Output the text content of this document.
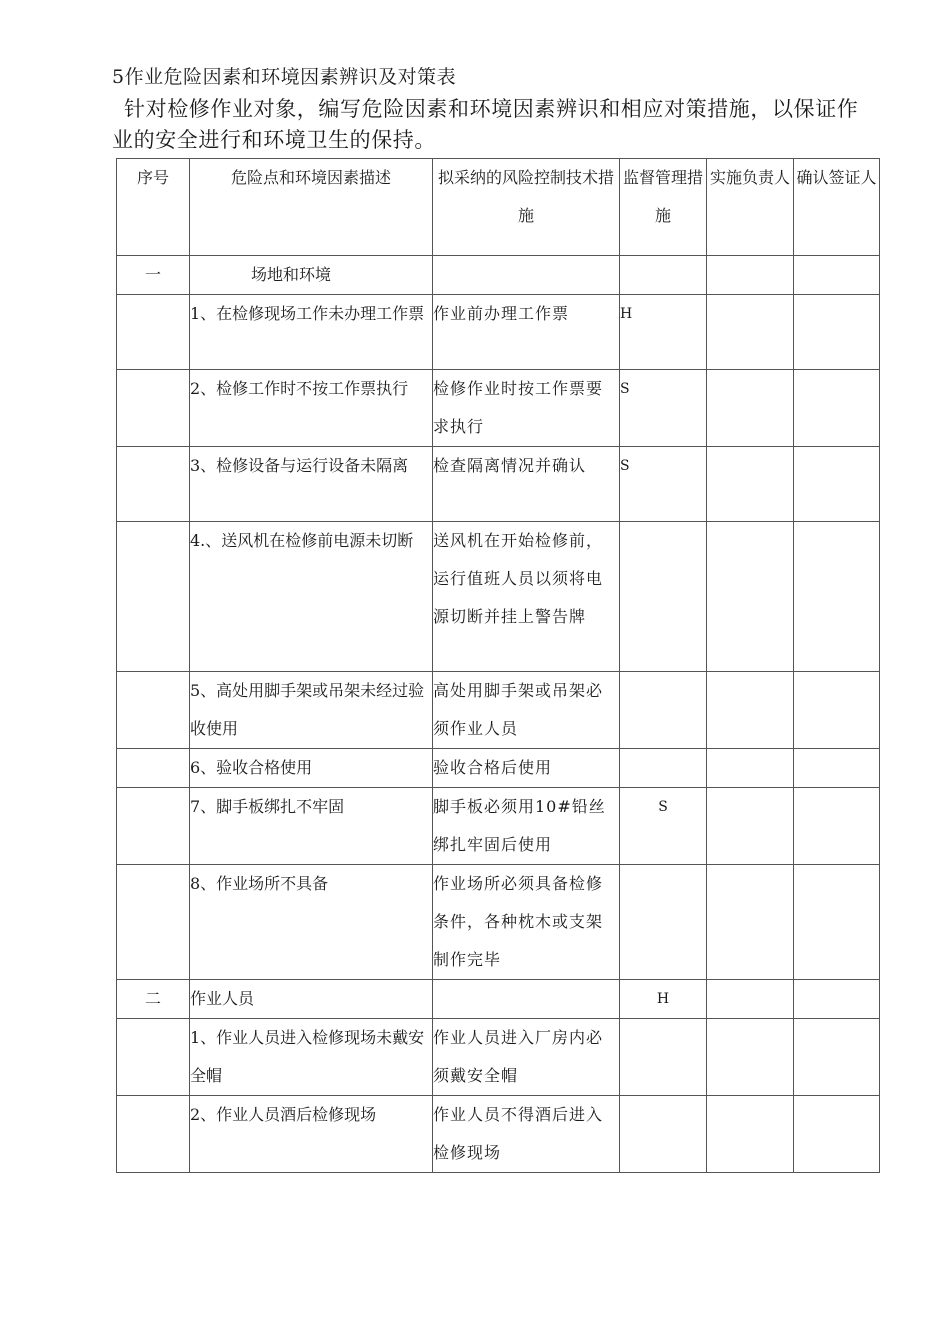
5作业危险因素和环境因素辨识及对策表
针对检修作业对象，编写危险因素和环境因素辨识和相应对策措施，以保证作业的安全进行和环境卫生的保持。
序号	危险点和环境因素描述	拟采纳的风险控制技术措施	监督管理措施	实施负责人	确认签证人
一	场地和环境				
	1、在检修现场工作未办理工作票	作业前办理工作票	H		
	2、检修工作时不按工作票执行	检修作业时按工作票要求执行	S		
	3、检修设备与运行设备未隔离	检查隔离情况并确认	S		
	4.、送风机在检修前电源未切断	送风机在开始检修前，运行值班人员以须将电源切断并挂上警告牌			
	5、高处用脚手架或吊架未经过验收使用	高处用脚手架或吊架必须作业人员			
	6、验收合格使用	验收合格后使用			
	7、脚手板绑扎不牢固	脚手板必须用10#铅丝绑扎牢固后使用	S		
	8、作业场所不具备	作业场所必须具备检修条件，各种枕木或支架制作完毕			
二	作业人员		H		
	1、作业人员进入检修现场未戴安全帽	作业人员进入厂房内必须戴安全帽			
	2、作业人员酒后检修现场	作业人员不得酒后进入检修现场			
